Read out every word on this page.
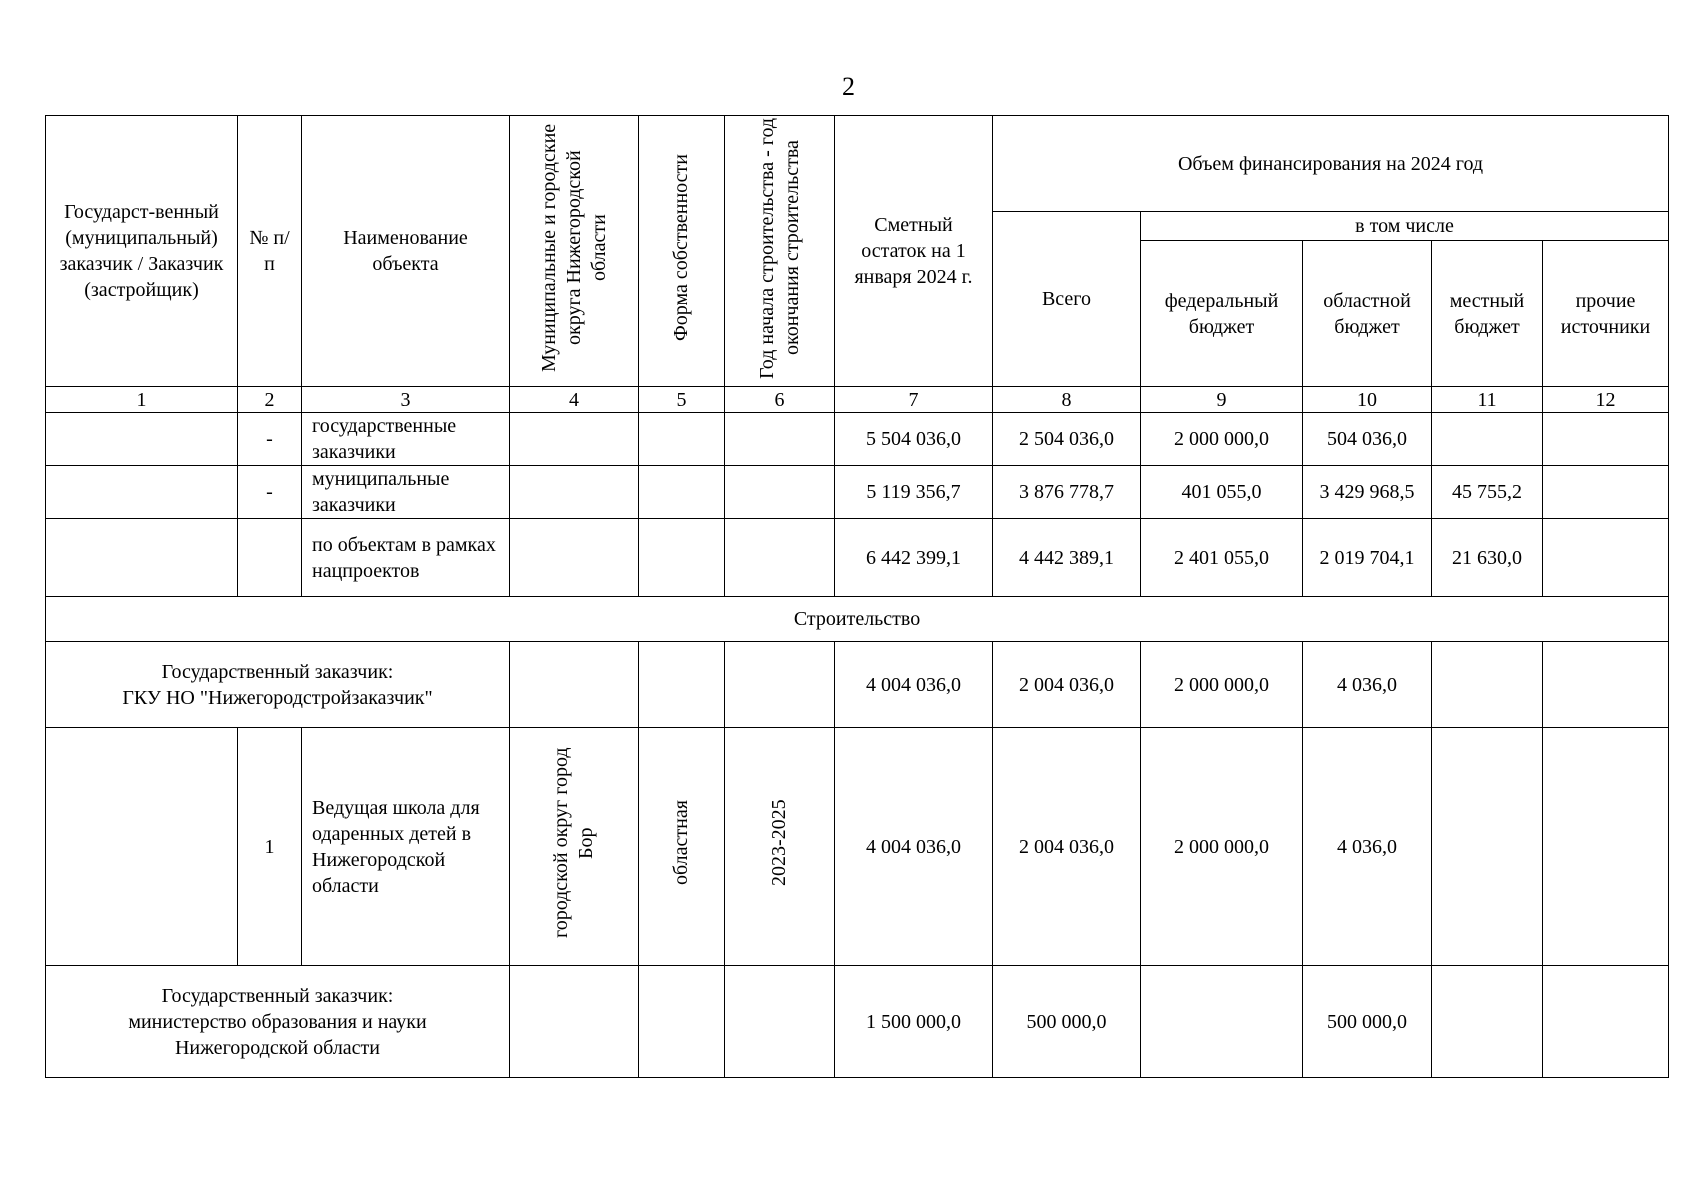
2
Государст-венный (муниципальный) заказчик / Заказчик (застройщик)	№ п/п	Наименование объекта	Муниципальные и городские округа Нижегородской области	Форма собственности	Год начала строительства - год окончания строительства	Сметный остаток на 1 января 2024 г.	Объем финансирования на 2024 год				
							Всего	в том числе			
								федеральный бюджет	областной бюджет	местный бюджет	прочие источники
1	2	3	4	5	6	7	8	9	10	11	12
	-	государственные заказчики				5 504 036,0	2 504 036,0	2 000 000,0	504 036,0		
	-	муниципальные заказчики				5 119 356,7	3 876 778,7	401 055,0	3 429 968,5	45 755,2	
		по объектам в рамках нацпроектов				6 442 399,1	4 442 389,1	2 401 055,0	2 019 704,1	21 630,0	
Строительство											

Государственный заказчик:
ГКУ НО "Нижегородстройзаказчик"						4 004 036,0	2 004 036,0	2 000 000,0	4 036,0		
	1	Ведущая школа для одаренных детей в Нижегородской области	городской округ город Бор	областная	2023-2025	4 004 036,0	2 004 036,0	2 000 000,0	4 036,0		

Государственный заказчик:
министерство образования и науки
Нижегородской области						1 500 000,0	500 000,0		500 000,0		
